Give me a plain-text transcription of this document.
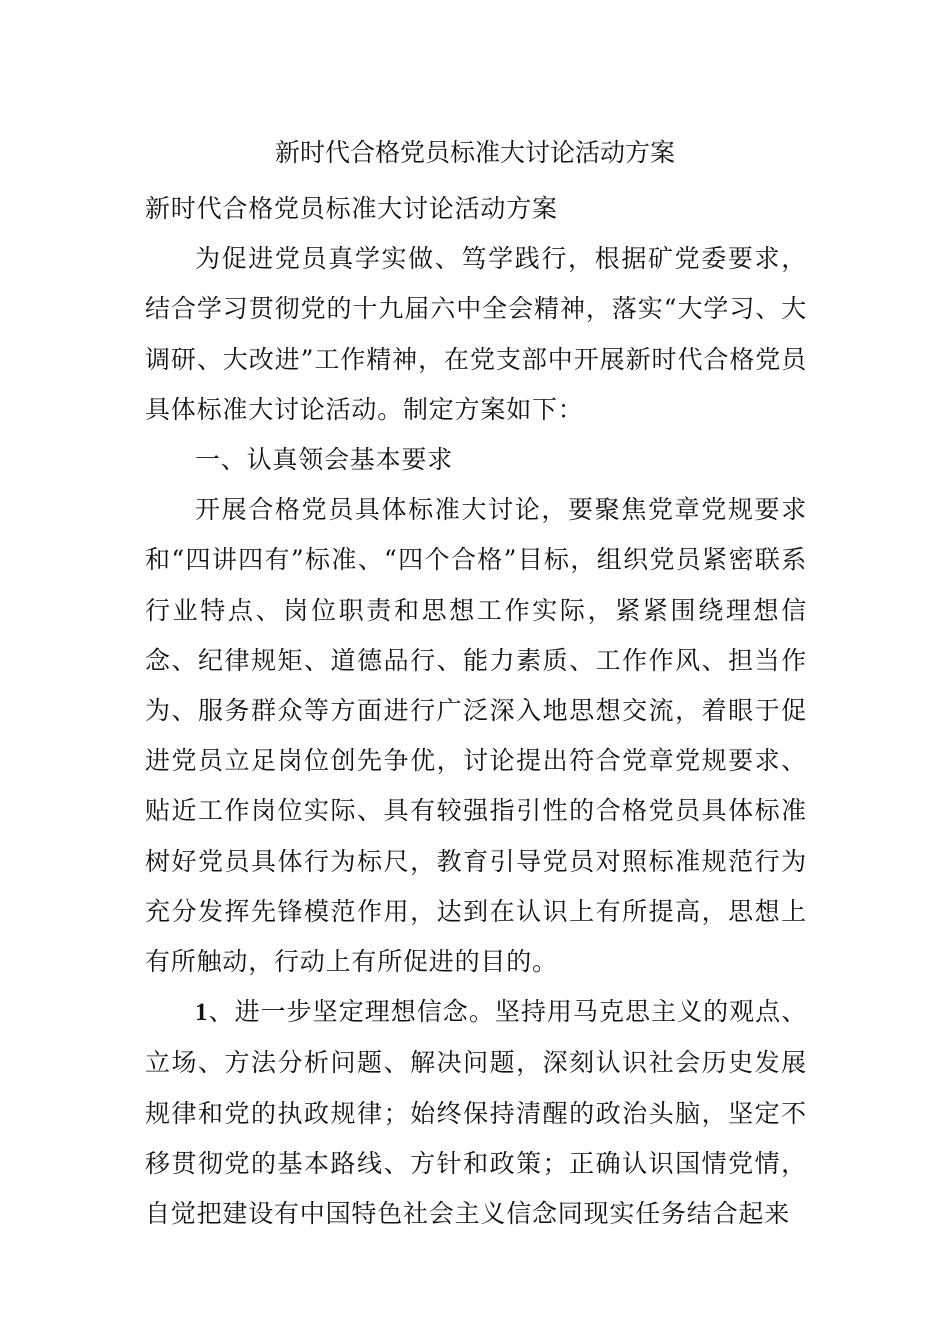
新时代合格党员标准大讨论活动方案

新时代合格党员标准大讨论活动方案

为促进党员真学实做、笃学践行，根据矿党委要求，结合学习贯彻党的十九届六中全会精神，落实“大学习、大调研、大改进”工作精神，在党支部中开展新时代合格党员具体标准大讨论活动。制定方案如下：

一、认真领会基本要求

开展合格党员具体标准大讨论，要聚焦党章党规要求和“四讲四有”标准、“四个合格”目标，组织党员紧密联系行业特点、岗位职责和思想工作实际，紧紧围绕理想信念、纪律规矩、道德品行、能力素质、工作作风、担当作为、服务群众等方面进行广泛深入地思想交流，着眼于促进党员立足岗位创先争优，讨论提出符合党章党规要求、贴近工作岗位实际、具有较强指引性的合格党员具体标准树好党员具体行为标尺，教育引导党员对照标准规范行为充分发挥先锋模范作用，达到在认识上有所提高，思想上有所触动，行动上有所促进的目的。

1、进一步坚定理想信念。坚持用马克思主义的观点、立场、方法分析问题、解决问题，深刻认识社会历史发展规律和党的执政规律；始终保持清醒的政治头脑，坚定不移贯彻党的基本路线、方针和政策；正确认识国情党情，自觉把建设有中国特色社会主义信念同现实任务结合起来
